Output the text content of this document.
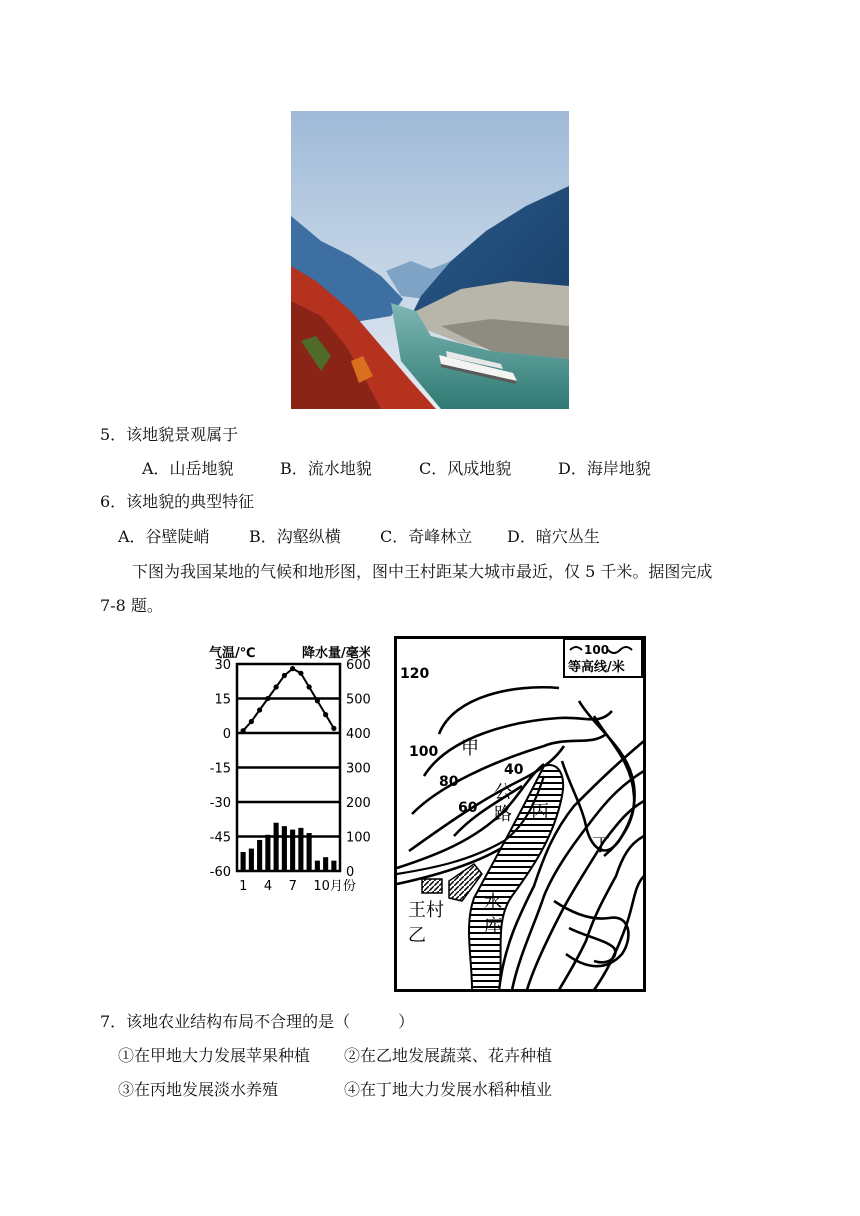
5．该地貌景观属于
A．山岳地貌	B．流水地貌	C．风成地貌	D．海岸地貌
6．该地貌的典型特征
A．谷壁陡峭 B．沟壑纵横 C．奇峰林立 D．暗穴丛生
下图为我国某地的气候和地形图，图中王村距某大城市最近，仅 5 千米。据图完成
7-8 题。
气温/℃	降水量/毫米
30
15
0
-15
-30
-45
-60
600
500
400
300
200
100
0
1 4 7 10月份
100
等高线/米
120
100
80
60
40
甲
公
路 丙
丁
水
库
王村
乙
7．该地农业结构布局不合理的是（　　　）
①在甲地大力发展苹果种植 ②在乙地发展蔬菜、花卉种植
③在丙地发展淡水养殖	④在丁地大力发展水稻种植业
